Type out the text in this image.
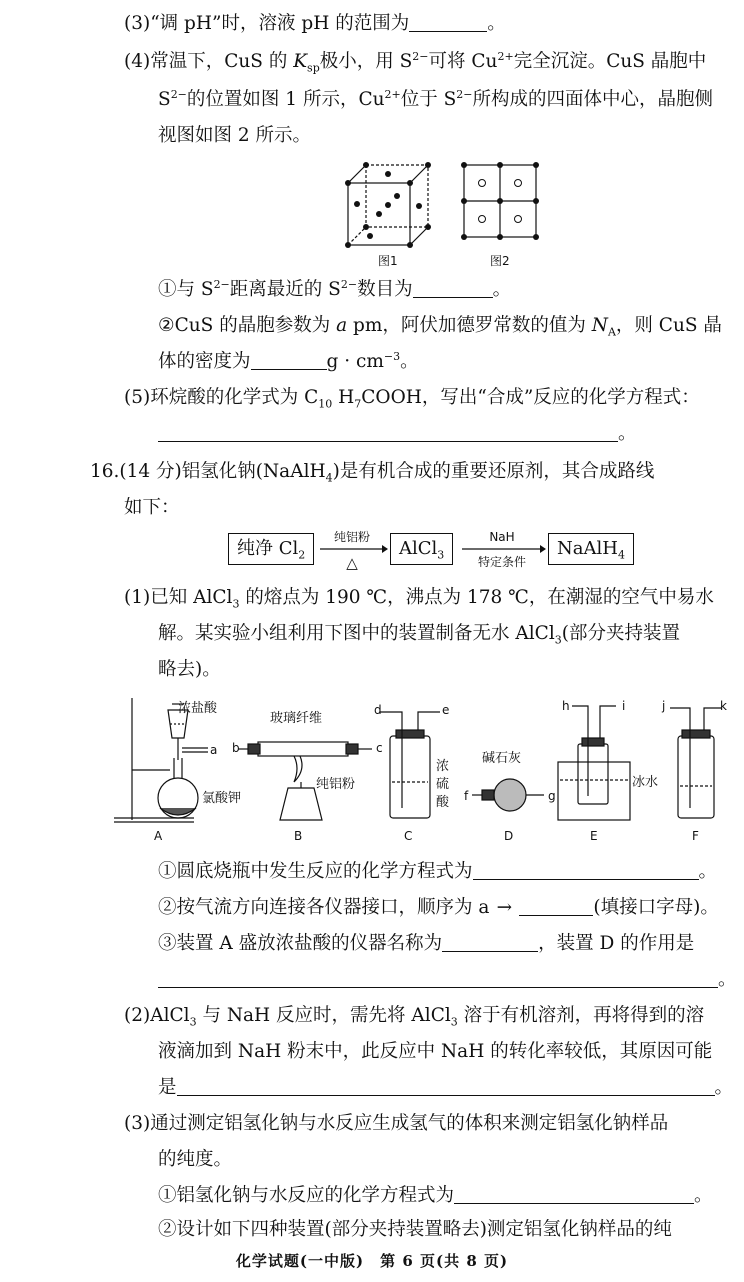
(3)“调 pH”时，溶液 pH 的范围为	。
(4)常温下，CuS 的 $K_{sp}$极小，用 $S^{2-}$可将 $Cu^{2+}$完全沉淀。CuS 晶胞中
$S^{2-}$的位置如图 1 所示，$Cu^{2+}$位于 $S^{2-}$所构成的四面体中心，晶胞侧
视图如图 2 所示。
图1	图2
①与 $S^{2-}$距离最近的 $S^{2-}$数目为	。
②CuS 的晶胞参数为 a pm，阿伏加德罗常数的值为 $N_A$，则 CuS 晶
体的密度为	$g \cdot cm^{-3}$。
(5)环烷酸的化学式为 $C_{10}$ $H_7COOH$，写出“合成”反应的化学方程式：
。
16.(14 分)铝氢化钠(NaAlH$_4$)是有机合成的重要还原剂，其合成路线
如下：
纯净 $Cl_2$
纯铝粉
△
AlCl$_3$
NaH
特定条件
NaAlH$_4$
(1)已知 AlCl$_3$ 的熔点为 190 ℃，沸点为 178 ℃，在潮湿的空气中易水
解。某实验小组利用下图中的装置制备无水 AlCl$_3$(部分夹持装置
略去)。
浓盐酸
a
氯酸钾
A
玻璃纤维
b	c
纯铝粉
B
d	e
浓
硫
酸
C
碱石灰
f	g
D
h	i
冰水
E
j	k
F
①圆底烧瓶中发生反应的化学方程式为	。
②按气流方向连接各仪器接口，顺序为 a →	(填接口字母)。
③装置 A 盛放浓盐酸的仪器名称为	，装置 D 的作用是
。
(2)AlCl$_3$ 与 NaH 反应时，需先将 AlCl$_3$ 溶于有机溶剂，再将得到的溶
液滴加到 NaH 粉末中，此反应中 NaH 的转化率较低，其原因可能
是	。
(3)通过测定铝氢化钠与水反应生成氢气的体积来测定铝氢化钠样品
的纯度。
①铝氢化钠与水反应的化学方程式为	。
②设计如下四种装置(部分夹持装置略去)测定铝氢化钠样品的纯
化学试题(一中版)　第 6 页(共 8 页)
